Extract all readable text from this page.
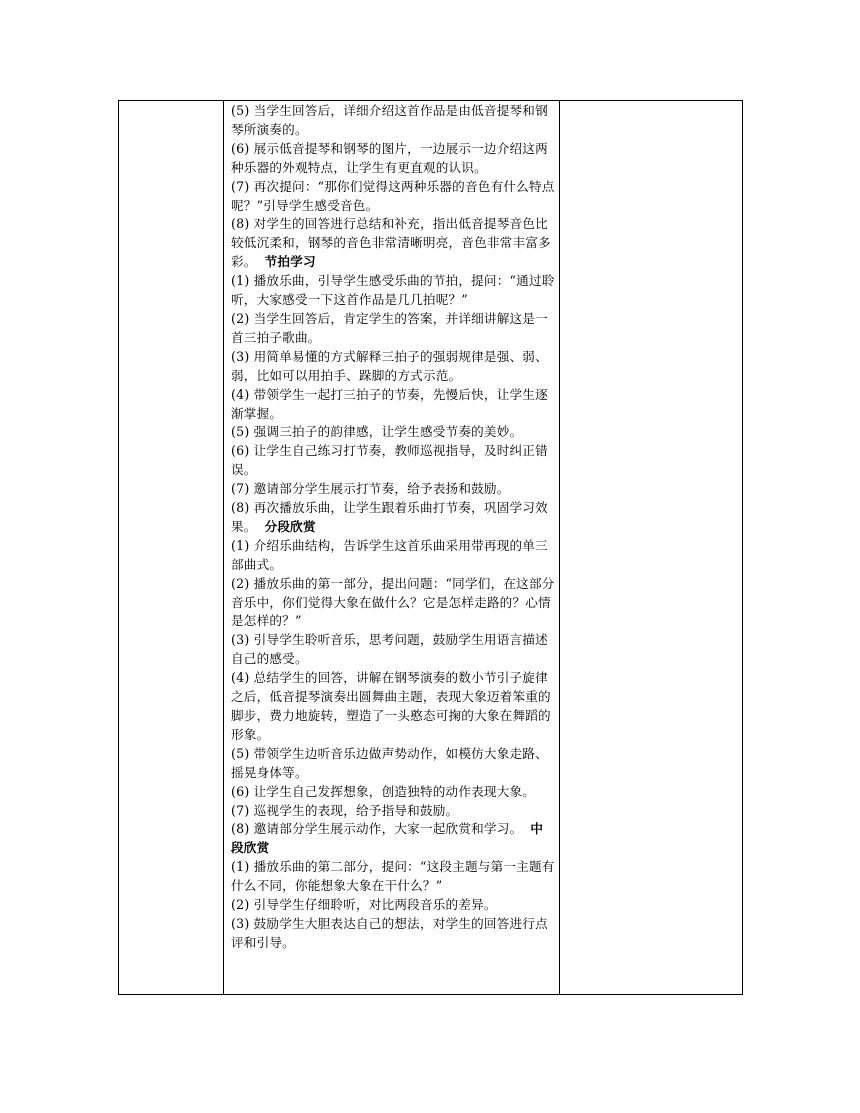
(5) 当学生回答后，详细介绍这首作品是由低音提琴和钢琴所演奏的。

(6) 展示低音提琴和钢琴的图片，一边展示一边介绍这两种乐器的外观特点，让学生有更直观的认识。

(7) 再次提问：“那你们觉得这两种乐器的音色有什么特点呢？”引导学生感受音色。

(8) 对学生的回答进行总结和补充，指出低音提琴音色比较低沉柔和，钢琴的音色非常清晰明亮，音色非常丰富多彩。 节拍学习

(1) 播放乐曲，引导学生感受乐曲的节拍，提问：“通过聆听，大家感受一下这首作品是几几拍呢？”

(2) 当学生回答后，肯定学生的答案，并详细讲解这是一首三拍子歌曲。

(3) 用简单易懂的方式解释三拍子的强弱规律是强、弱、弱，比如可以用拍手、跺脚的方式示范。

(4) 带领学生一起打三拍子的节奏，先慢后快，让学生逐渐掌握。

(5) 强调三拍子的韵律感，让学生感受节奏的美妙。

(6) 让学生自己练习打节奏，教师巡视指导，及时纠正错误。

(7) 邀请部分学生展示打节奏，给予表扬和鼓励。

(8) 再次播放乐曲，让学生跟着乐曲打节奏，巩固学习效果。 分段欣赏

(1) 介绍乐曲结构，告诉学生这首乐曲采用带再现的单三部曲式。

(2) 播放乐曲的第一部分，提出问题：“同学们，在这部分音乐中，你们觉得大象在做什么？它是怎样走路的？心情是怎样的？”

(3) 引导学生聆听音乐，思考问题，鼓励学生用语言描述自己的感受。

(4) 总结学生的回答，讲解在钢琴演奏的数小节引子旋律之后，低音提琴演奏出圆舞曲主题，表现大象迈着笨重的脚步，费力地旋转，塑造了一头憨态可掬的大象在舞蹈的形象。

(5) 带领学生边听音乐边做声势动作，如模仿大象走路、摇晃身体等。

(6) 让学生自己发挥想象，创造独特的动作表现大象。

(7) 巡视学生的表现，给予指导和鼓励。

(8) 邀请部分学生展示动作，大家一起欣赏和学习。 中段欣赏

(1) 播放乐曲的第二部分，提问：“这段主题与第一主题有什么不同，你能想象大象在干什么？”

(2) 引导学生仔细聆听，对比两段音乐的差异。

(3) 鼓励学生大胆表达自己的想法，对学生的回答进行点评和引导。
